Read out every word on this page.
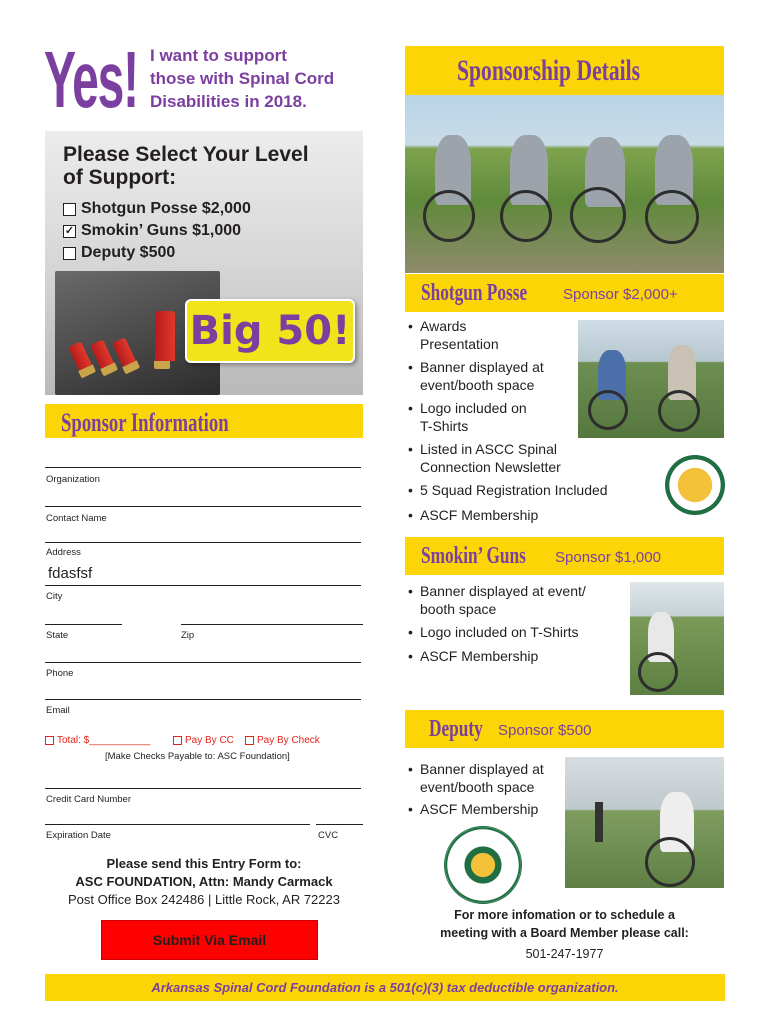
Yes! I want to support
those with Spinal Cord
Disabilities in 2018.
Please Select Your Level
of Support:
Shotgun Posse $2,000
✓ Smokin’ Guns $1,000
Deputy $500
Big 50!
Sponsor Information
Organization
Contact Name
Address
fdasfsf
City
State	Zip
Phone
Email
Total: $___________	Pay By CC Pay By Check
[Make Checks Payable to: ASC Foundation]
Credit Card Number
Expiration Date	CVC
Please send this Entry Form to:
ASC FOUNDATION, Attn: Mandy Carmack
Post Office Box 242486 | Little Rock, AR 72223
Submit Via Email
Sponsorship Details
Shotgun Posse Sponsor $2,000+
• Awards
Presentation
• Banner displayed at
event/booth space
• Logo included on
T-Shirts
• Listed in ASCC Spinal
Connection Newsletter
• 5 Squad Registration Included
• ASCF Membership
Smokin’ Guns Sponsor $1,000
• Banner displayed at event/
booth space
• Logo included on T-Shirts
• ASCF Membership
Deputy Sponsor $500
• Banner displayed at
event/booth space
• ASCF Membership
For more infomation or to schedule a
meeting with a Board Member please call:
501-247-1977
Arkansas Spinal Cord Foundation is a 501(c)(3) tax deductible organization.
